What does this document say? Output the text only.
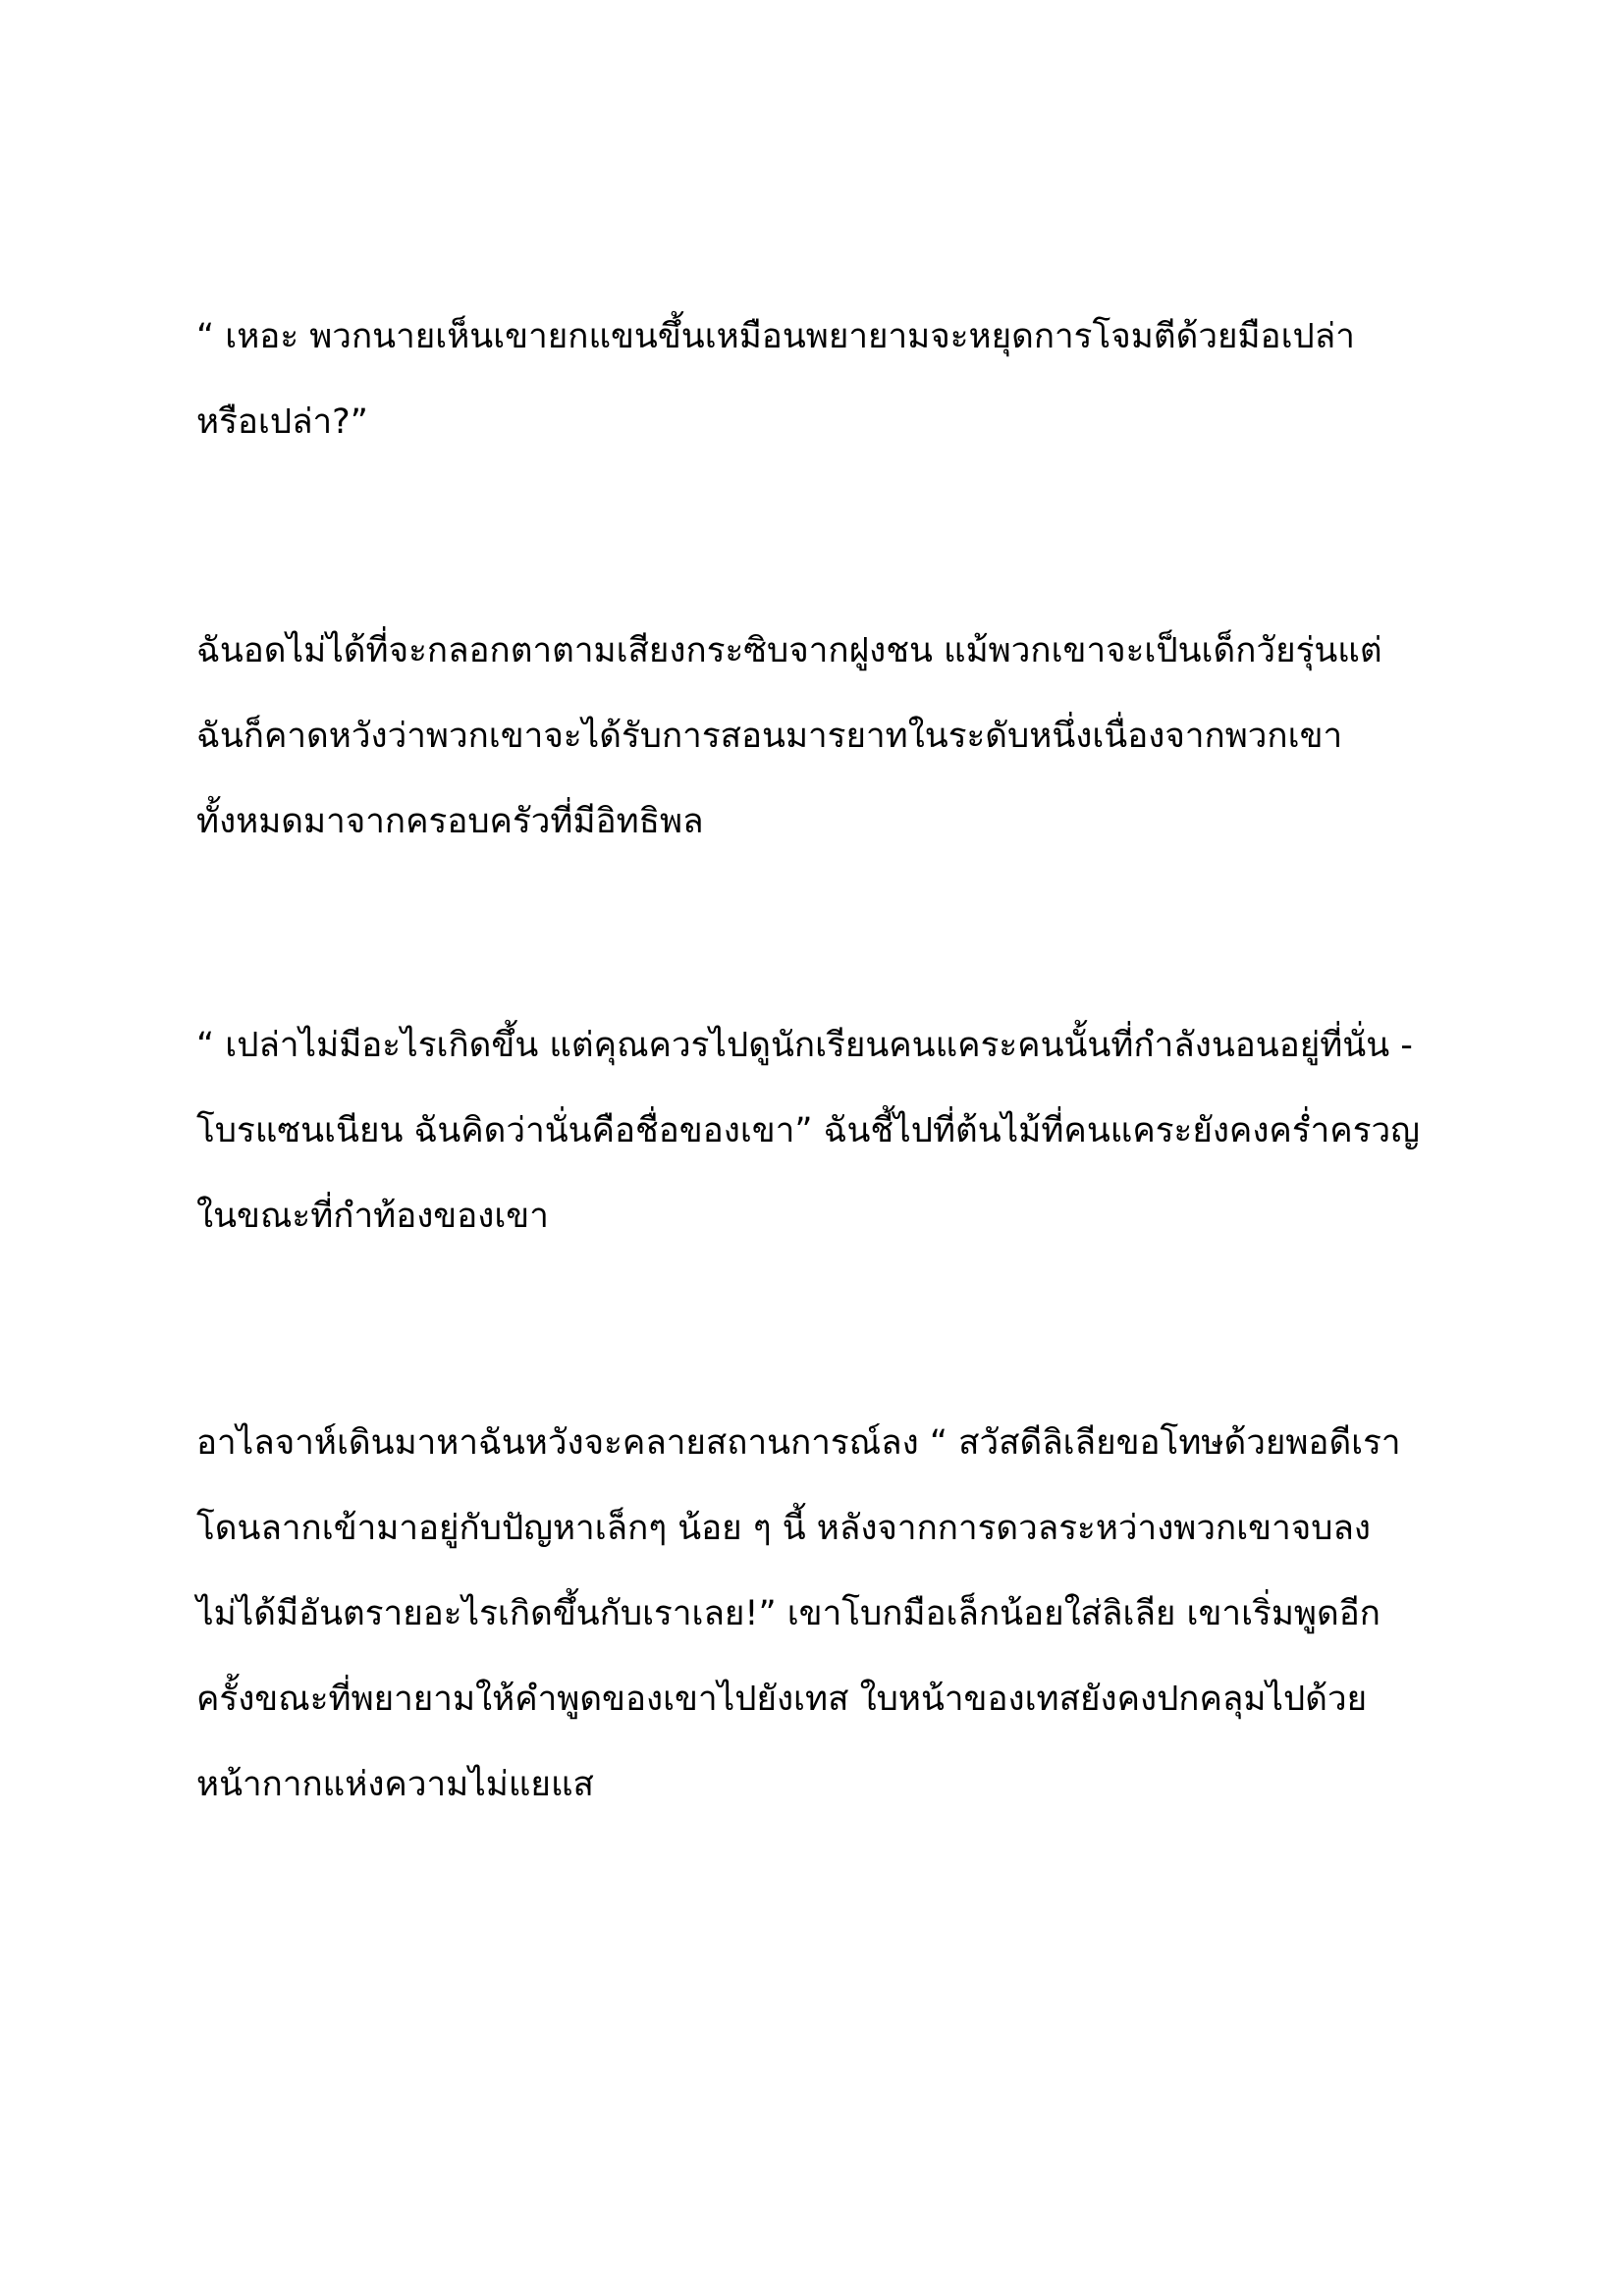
“ เหอะ พวกนายเห็นเขายกแขนขึ้นเหมือนพยายามจะหยุดการโจมตีด้วยมือเปล่า
หรือเปล่า?”
ฉันอดไม่ได้ที่จะกลอกตาตามเสียงกระซิบจากฝูงชน แม้พวกเขาจะเป็นเด็กวัยรุ่นแต่
ฉันก็คาดหวังว่าพวกเขาจะได้รับการสอนมารยาทในระดับหนึ่งเนื่องจากพวกเขา
ทั้งหมดมาจากครอบครัวที่มีอิทธิพล
“ เปล่าไม่มีอะไรเกิดขึ้น แต่คุณควรไปดูนักเรียนคนแคระคนนั้นที่กำลังนอนอยู่ที่นั่น -
โบรแซนเนียน ฉันคิดว่านั่นคือชื่อของเขา” ฉันชี้ไปที่ต้นไม้ที่คนแคระยังคงคร่ำครวญ
ในขณะที่กำท้องของเขา
อาไลจาห์เดินมาหาฉันหวังจะคลายสถานการณ์ลง “ สวัสดีลิเลียขอโทษด้วยพอดีเรา
โดนลากเข้ามาอยู่กับปัญหาเล็กๆ น้อย ๆ นี้ หลังจากการดวลระหว่างพวกเขาจบลง
ไม่ได้มีอันตรายอะไรเกิดขึ้นกับเราเลย!” เขาโบกมือเล็กน้อยใส่ลิเลีย เขาเริ่มพูดอีก
ครั้งขณะที่พยายามให้คำพูดของเขาไปยังเทส ใบหน้าของเทสยังคงปกคลุมไปด้วย
หน้ากากแห่งความไม่แยแส
